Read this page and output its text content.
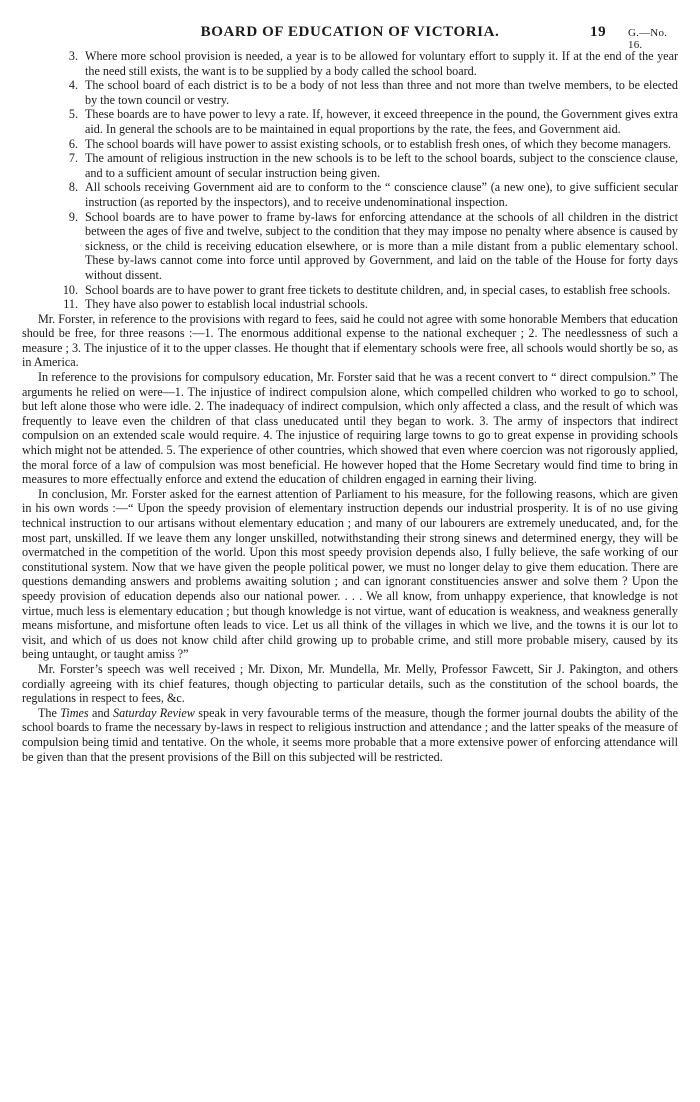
BOARD OF EDUCATION OF VICTORIA.	19 G.—No. 16.
3. Where more school provision is needed, a year is to be allowed for voluntary effort to supply it. If at the end of the year the need still exists, the want is to be supplied by a body called the school board.
4. The school board of each district is to be a body of not less than three and not more than twelve members, to be elected by the town council or vestry.
5. These boards are to have power to levy a rate. If, however, it exceed threepence in the pound, the Government gives extra aid. In general the schools are to be maintained in equal proportions by the rate, the fees, and Government aid.
6. The school boards will have power to assist existing schools, or to establish fresh ones, of which they become managers.
7. The amount of religious instruction in the new schools is to be left to the school boards, subject to the conscience clause, and to a sufficient amount of secular instruction being given.
8. All schools receiving Government aid are to conform to the “ conscience clause” (a new one), to give sufficient secular instruction (as reported by the inspectors), and to receive undenominational inspection.
9. School boards are to have power to frame by-laws for enforcing attendance at the schools of all children in the district between the ages of five and twelve, subject to the condition that they may impose no penalty where absence is caused by sickness, or the child is receiving education elsewhere, or is more than a mile distant from a public elementary school. These by-laws cannot come into force until approved by Government, and laid on the table of the House for forty days without dissent.
10. School boards are to have power to grant free tickets to destitute children, and, in special cases, to establish free schools.
11. They have also power to establish local industrial schools.

Mr. Forster, in reference to the provisions with regard to fees, said he could not agree with some honorable Members that education should be free, for three reasons :—1. The enormous additional expense to the national exchequer ; 2. The needlessness of such a measure ; 3. The injustice of it to the upper classes. He thought that if elementary schools were free, all schools would shortly be so, as in America.

In reference to the provisions for compulsory education, Mr. Forster said that he was a recent convert to “ direct compulsion.” The arguments he relied on were—1. The injustice of indirect compulsion alone, which compelled children who worked to go to school, but left alone those who were idle. 2. The inadequacy of indirect compulsion, which only affected a class, and the result of which was frequently to leave even the children of that class uneducated until they began to work. 3. The army of inspectors that indirect compulsion on an extended scale would require. 4. The injustice of requiring large towns to go to great expense in providing schools which might not be attended. 5. The experience of other countries, which showed that even where coercion was not rigorously applied, the moral force of a law of compulsion was most beneficial. He however hoped that the Home Secretary would find time to bring in measures to more effectually enforce and extend the education of children engaged in earning their living.

In conclusion, Mr. Forster asked for the earnest attention of Parliament to his measure, for the following reasons, which are given in his own words :—“ Upon the speedy provision of elementary instruction depends our industrial prosperity. It is of no use giving technical instruction to our artisans without elementary education ; and many of our labourers are extremely uneducated, and, for the most part, unskilled. If we leave them any longer unskilled, notwithstanding their strong sinews and determined energy, they will be overmatched in the competition of the world. Upon this most speedy provision depends also, I fully believe, the safe working of our constitutional system. Now that we have given the people political power, we must no longer delay to give them education. There are questions demanding answers and problems awaiting solution ; and can ignorant constituencies answer and solve them ? Upon the speedy provision of education depends also our national power. . . . We all know, from unhappy experience, that knowledge is not virtue, much less is elementary education ; but though knowledge is not virtue, want of education is weakness, and weakness generally means misfortune, and misfortune often leads to vice. Let us all think of the villages in which we live, and the towns it is our lot to visit, and which of us does not know child after child growing up to probable crime, and still more probable misery, caused by its being untaught, or taught amiss ?”

Mr. Forster’s speech was well received ; Mr. Dixon, Mr. Mundella, Mr. Melly, Professor Fawcett, Sir J. Pakington, and others cordially agreeing with its chief features, though objecting to particular details, such as the constitution of the school boards, the regulations in respect to fees, &c.

The Times and Saturday Review speak in very favourable terms of the measure, though the former journal doubts the ability of the school boards to frame the necessary by-laws in respect to religious instruction and attendance ; and the latter speaks of the measure of compulsion being timid and tentative. On the whole, it seems more probable that a more extensive power of enforcing attendance will be given than that the present provisions of the Bill on this subjected will be restricted.
